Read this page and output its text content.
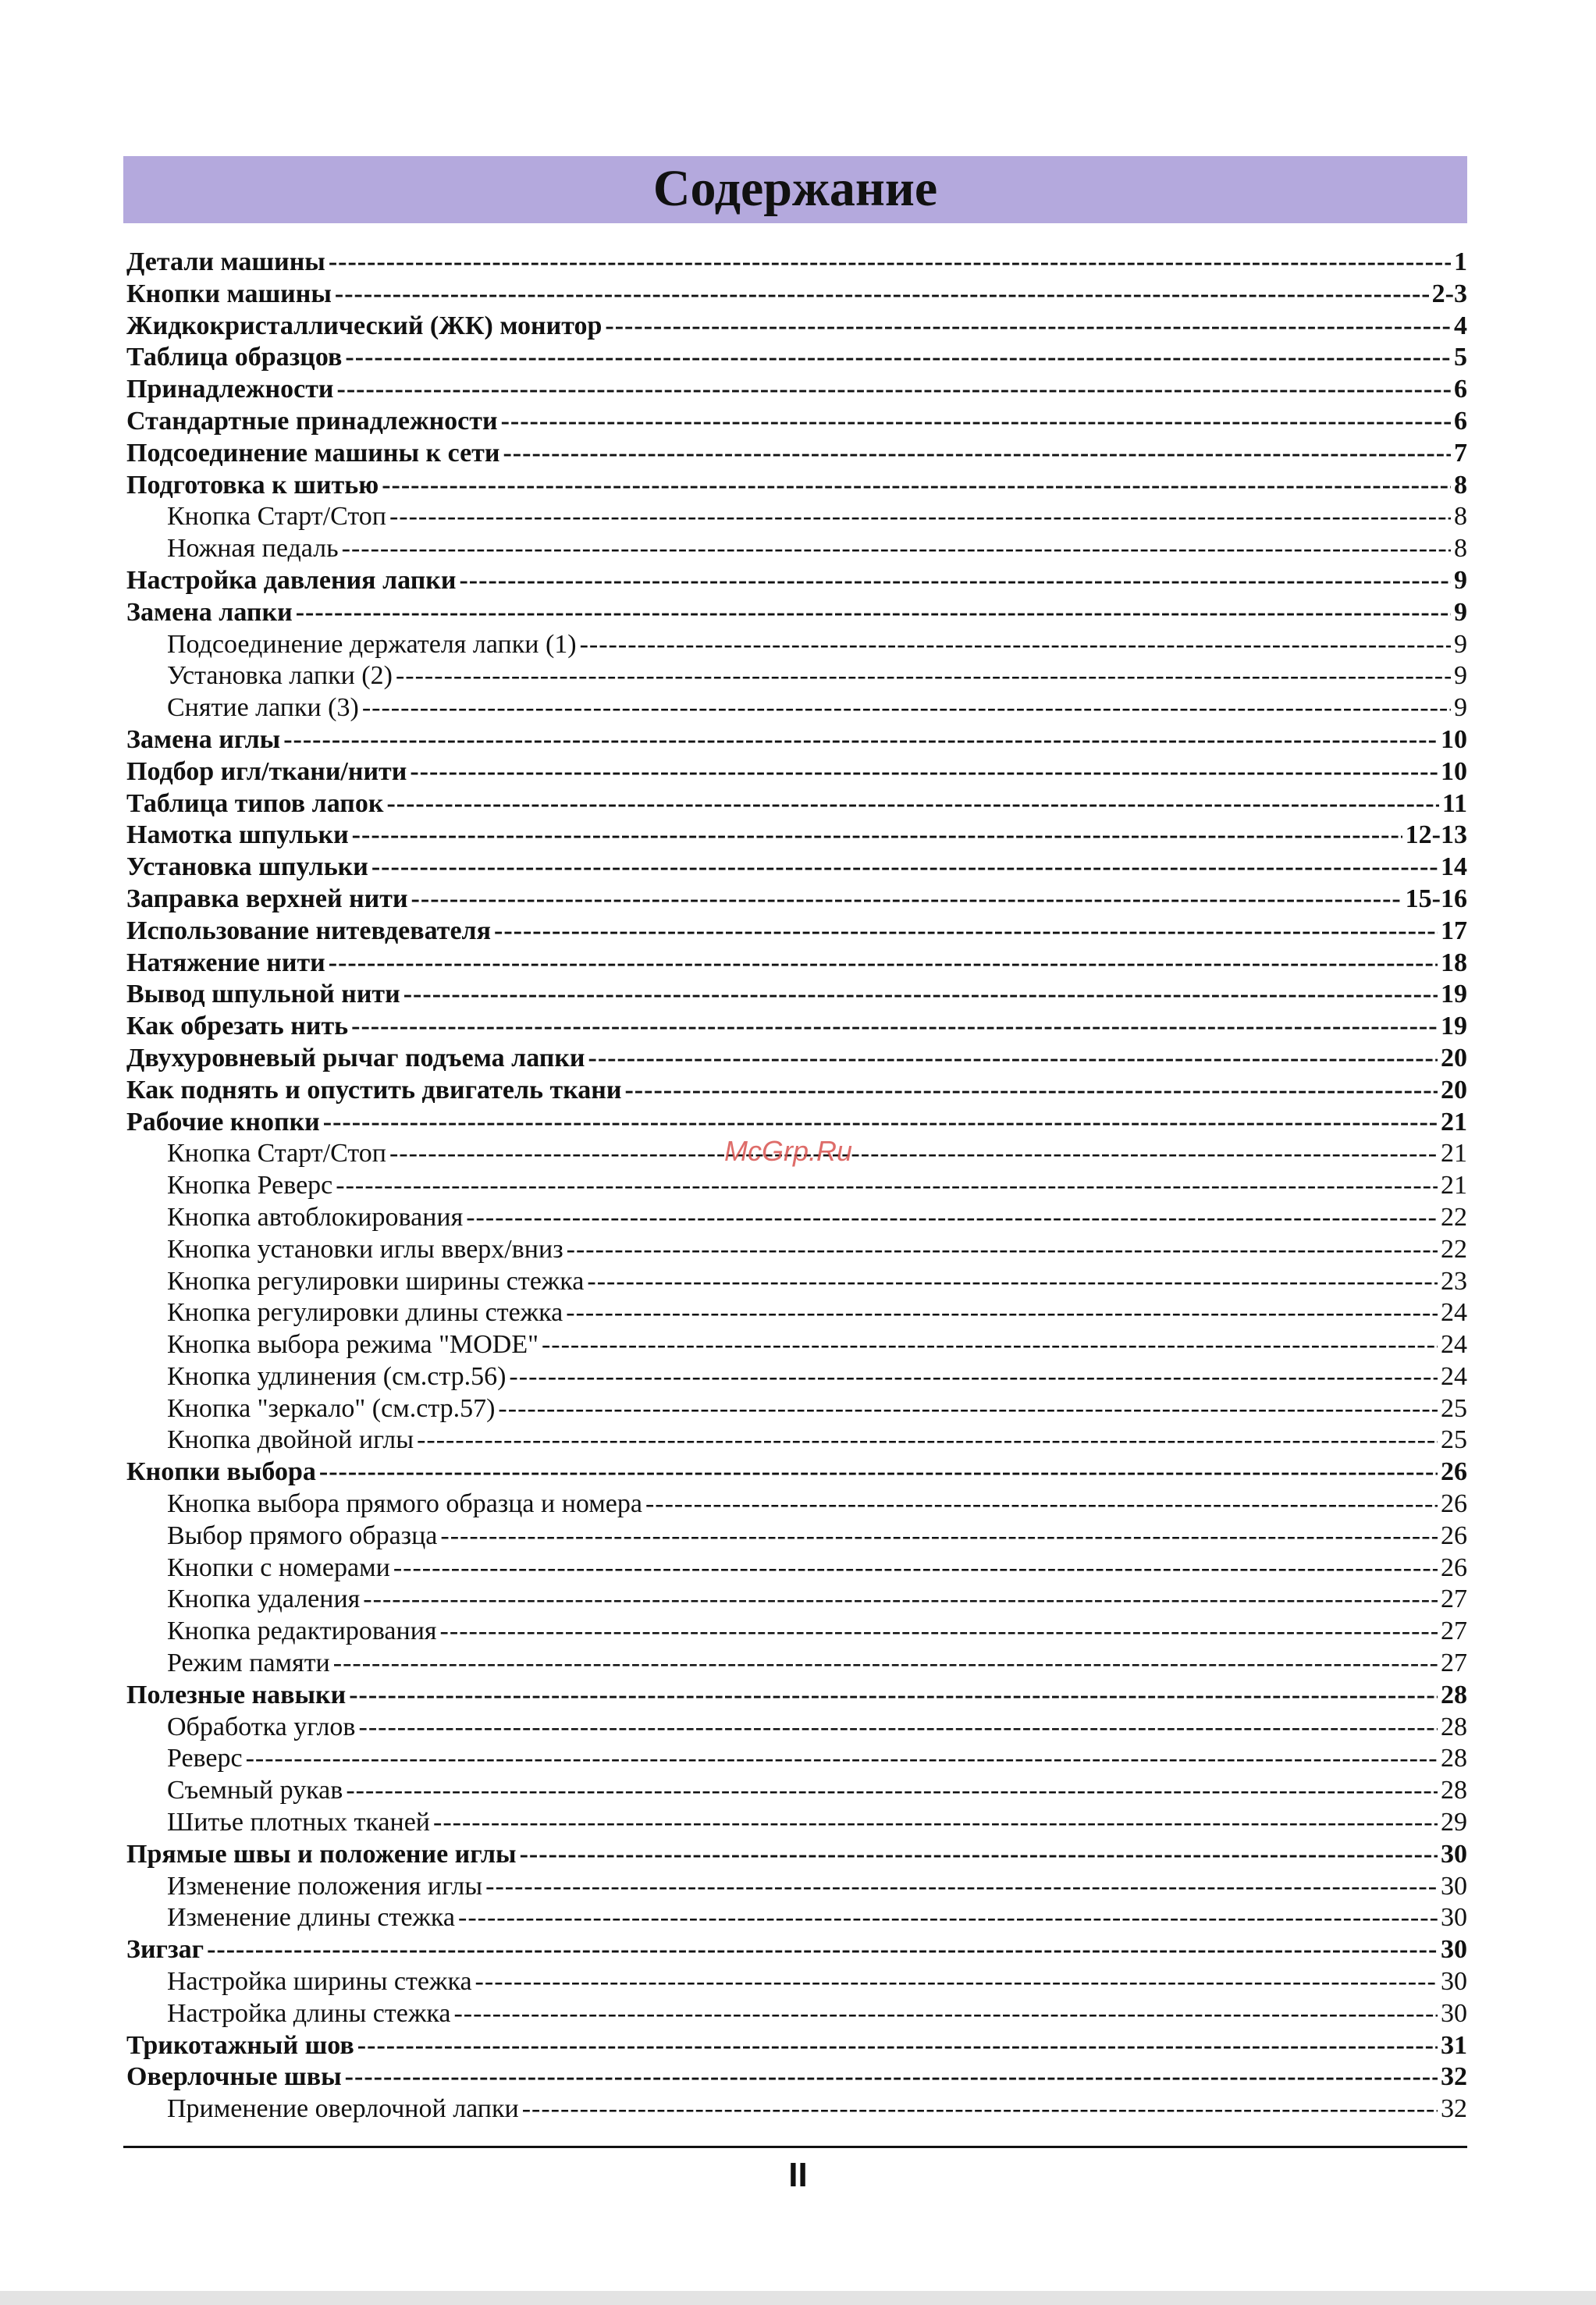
Содержание
Детали машины -----	1
Кнопки машины -----	2-3
Жидкокристаллический (ЖК) монитор -----	4
Таблица образцов -----	5
Принадлежности -----	6
Стандартные принадлежности -----	6
Подсоединение машины к сети -----	7
Подготовка к шитью -----	8
Кнопка Старт/Стоп -----	8
Ножная педаль -----	8
Настройка давления лапки -----	9
Замена лапки -----	9
Подсоединение держателя лапки (1) -----	9
Установка лапки (2) -----	9
Снятие лапки (3) -----	9
Замена иглы -----	10
Подбор игл/ткани/нити -----	10
Таблица типов лапок -----	11
Намотка шпульки -----	12-13
Установка шпульки -----	14
Заправка верхней нити -----	15-16
Использование нитевдевателя -----	17
Натяжение нити -----	18
Вывод шпульной нити -----	19
Как обрезать нить -----	19
Двухуровневый рычаг подъема лапки -----	20
Как поднять и опустить двигатель ткани -----	20
Рабочие кнопки -----	21
Кнопка Старт/Стоп -----	21
Кнопка Реверс -----	21
Кнопка автоблокирования -----	22
Кнопка установки иглы вверх/вниз -----	22
Кнопка регулировки ширины стежка -----	23
Кнопка регулировки длины стежка -----	24
Кнопка выбора режима "MODE" -----	24
Кнопка удлинения (см.стр.56) -----	24
Кнопка "зеркало" (см.стр.57) -----	25
Кнопка двойной иглы -----	25
Кнопки выбора -----	26
Кнопка выбора прямого образца и номера -----	26
Выбор прямого образца -----	26
Кнопки с номерами -----	26
Кнопка удаления -----	27
Кнопка редактирования -----	27
Режим памяти -----	27
Полезные навыки -----	28
Обработка углов -----	28
Реверс -----	28
Съемный рукав -----	28
Шитье плотных тканей -----	29
Прямые швы и положение иглы -----	30
Изменение положения иглы -----	30
Изменение длины стежка -----	30
Зигзаг -----	30
Настройка ширины стежка -----	30
Настройка длины стежка -----	30
Трикотажный шов -----	31
Оверлочные швы -----	32
Применение оверлочной лапки -----	32
McGrp.Ru
II
